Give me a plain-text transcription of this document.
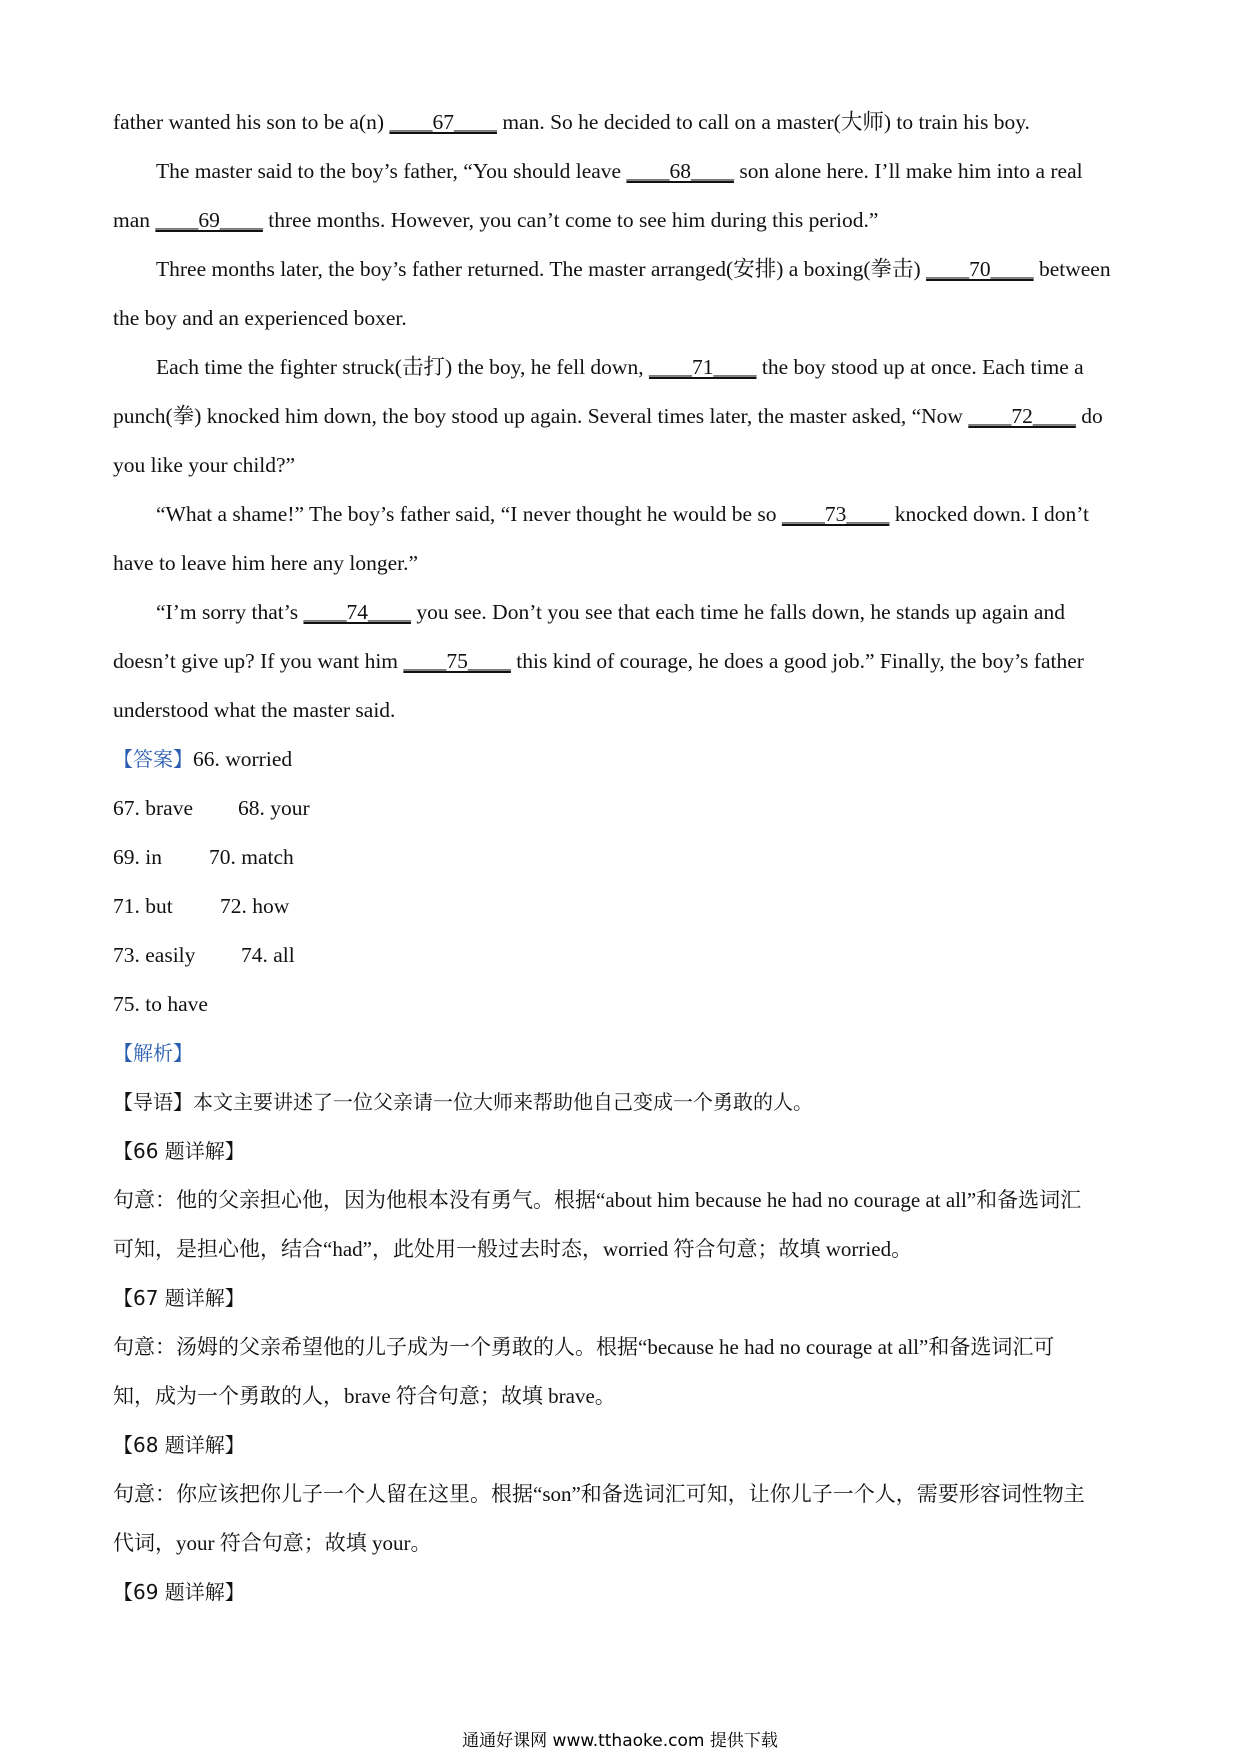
father wanted his son to be a(n) ____67____ man. So he decided to call on a master(大师) to train his boy.
The master said to the boy’s father, “You should leave ____68____ son alone here. I’ll make him into a real
man ____69____ three months. However, you can’t come to see him during this period.”
Three months later, the boy’s father returned. The master arranged(安排) a boxing(拳击) ____70____ between
the boy and an experienced boxer.
Each time the fighter struck(击打) the boy, he fell down, ____71____ the boy stood up at once. Each time a
punch(拳) knocked him down, the boy stood up again. Several times later, the master asked, “Now ____72____ do
you like your child?”
“What a shame!” The boy’s father said, “I never thought he would be so ____73____ knocked down. I don’t
have to leave him here any longer.”
“I’m sorry that’s ____74____ you see. Don’t you see that each time he falls down, he stands up again and
doesn’t give up? If you want him ____75____ this kind of courage, he does a good job.” Finally, the boy’s father
understood what the master said.
【答案】66. worried
67. brave 68. your
69. in 70. match
71. but 72. how
73. easily 74. all
75. to have
【解析】
【导语】本文主要讲述了一位父亲请一位大师来帮助他自己变成一个勇敢的人。
【66 题详解】
句意：他的父亲担心他，因为他根本没有勇气。根据“about him because he had no courage at all”和备选词汇
可知，是担心他，结合“had”，此处用一般过去时态，worried 符合句意；故填 worried。
【67 题详解】
句意：汤姆的父亲希望他的儿子成为一个勇敢的人。根据“because he had no courage at all”和备选词汇可
知，成为一个勇敢的人，brave 符合句意；故填 brave。
【68 题详解】
句意：你应该把你儿子一个人留在这里。根据“son”和备选词汇可知，让你儿子一个人，需要形容词性物主
代词，your 符合句意；故填 your。
【69 题详解】
通通好课网 www.tthaoke.com 提供下载
